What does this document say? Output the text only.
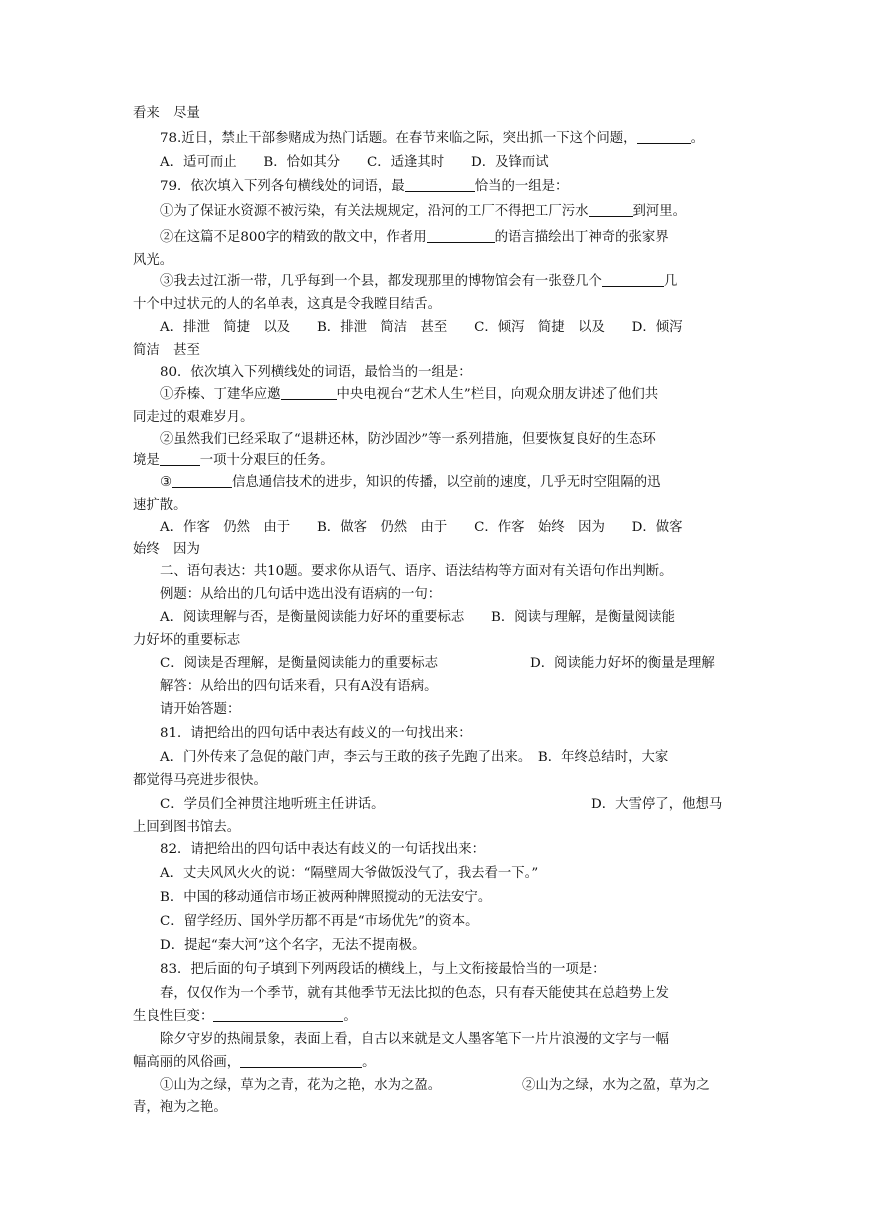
看来　尽量
78.近日，禁止干部参赌成为热门话题。在春节来临之际，突出抓一下这个问题，	。
A．适可而止　　B．恰如其分　　C．适逢其时　　D．及锋而试
79．依次填入下列各句横线处的词语，最	恰当的一组是：
①为了保证水资源不被污染，有关法规规定，沿河的工厂不得把工厂污水	到河里。
②在这篇不足800字的精致的散文中，作者用	的语言描绘出丁神奇的张家界
风光。
③我去过江浙一带，几乎每到一个县，都发现那里的博物馆会有一张登几个	几
十个中过状元的人的名单表，这真是令我瞠目结舌。
A．排泄　简捷　以及　　B．排泄　简洁　甚至　　C．倾泻　简捷　以及　　D．倾泻
简洁　甚至
80．依次填入下列横线处的词语，最恰当的一组是：
①乔榛、丁建华应邀	中央电视台“艺术人生”栏目，向观众朋友讲述了他们共
同走过的艰难岁月。
②虽然我们已经采取了“退耕还林，防沙固沙”等一系列措施，但要恢复良好的生态环
境是	一项十分艰巨的任务。
③	信息通信技术的进步，知识的传播，以空前的速度，几乎无时空阻隔的迅
速扩散。
A．作客　仍然　由于　　B．做客　仍然　由于　　C．作客　始终　因为　　D．做客
始终　因为
二、语句表达：共10题。要求你从语气、语序、语法结构等方面对有关语句作出判断。
例题：从给出的几句话中选出没有语病的一句：
A．阅读理解与否，是衡量阅读能力好坏的重要标志　　B．阅读与理解，是衡量阅读能
力好坏的重要标志
C．阅读是否理解，是衡量阅读能力的重要标志	D．阅读能力好坏的衡量是理解
解答：从给出的四句话来看，只有A没有语病。
请开始答题：
81．请把给出的四句话中表达有歧义的一句找出来：
A．门外传来了急促的敲门声，李云与王敢的孩子先跑了出来。　B．年终总结时，大家
都觉得马亮进步很快。
C．学员们全神贯注地听班主任讲话。	D．大雪停了，他想马
上回到图书馆去。
82．请把给出的四句话中表达有歧义的一句话找出来：
A．丈夫风风火火的说：“隔壁周大爷做饭没气了，我去看一下。”
B．中国的移动通信市场正被两种牌照搅动的无法安宁。
C．留学经历、国外学历都不再是“市场优先”的资本。
D．提起“秦大河”这个名字，无法不提南极。
83．把后面的句子填到下列两段话的横线上，与上文衔接最恰当的一项是：
春，仅仅作为一个季节，就有其他季节无法比拟的色态，只有春天能使其在总趋势上发
生良性巨变：	。
除夕守岁的热闹景象，表面上看，自古以来就是文人墨客笔下一片片浪漫的文字与一幅
幅高丽的风俗画，	。
①山为之绿，草为之青，花为之艳，水为之盈。	②山为之绿，水为之盈，草为之
青，袍为之艳。
